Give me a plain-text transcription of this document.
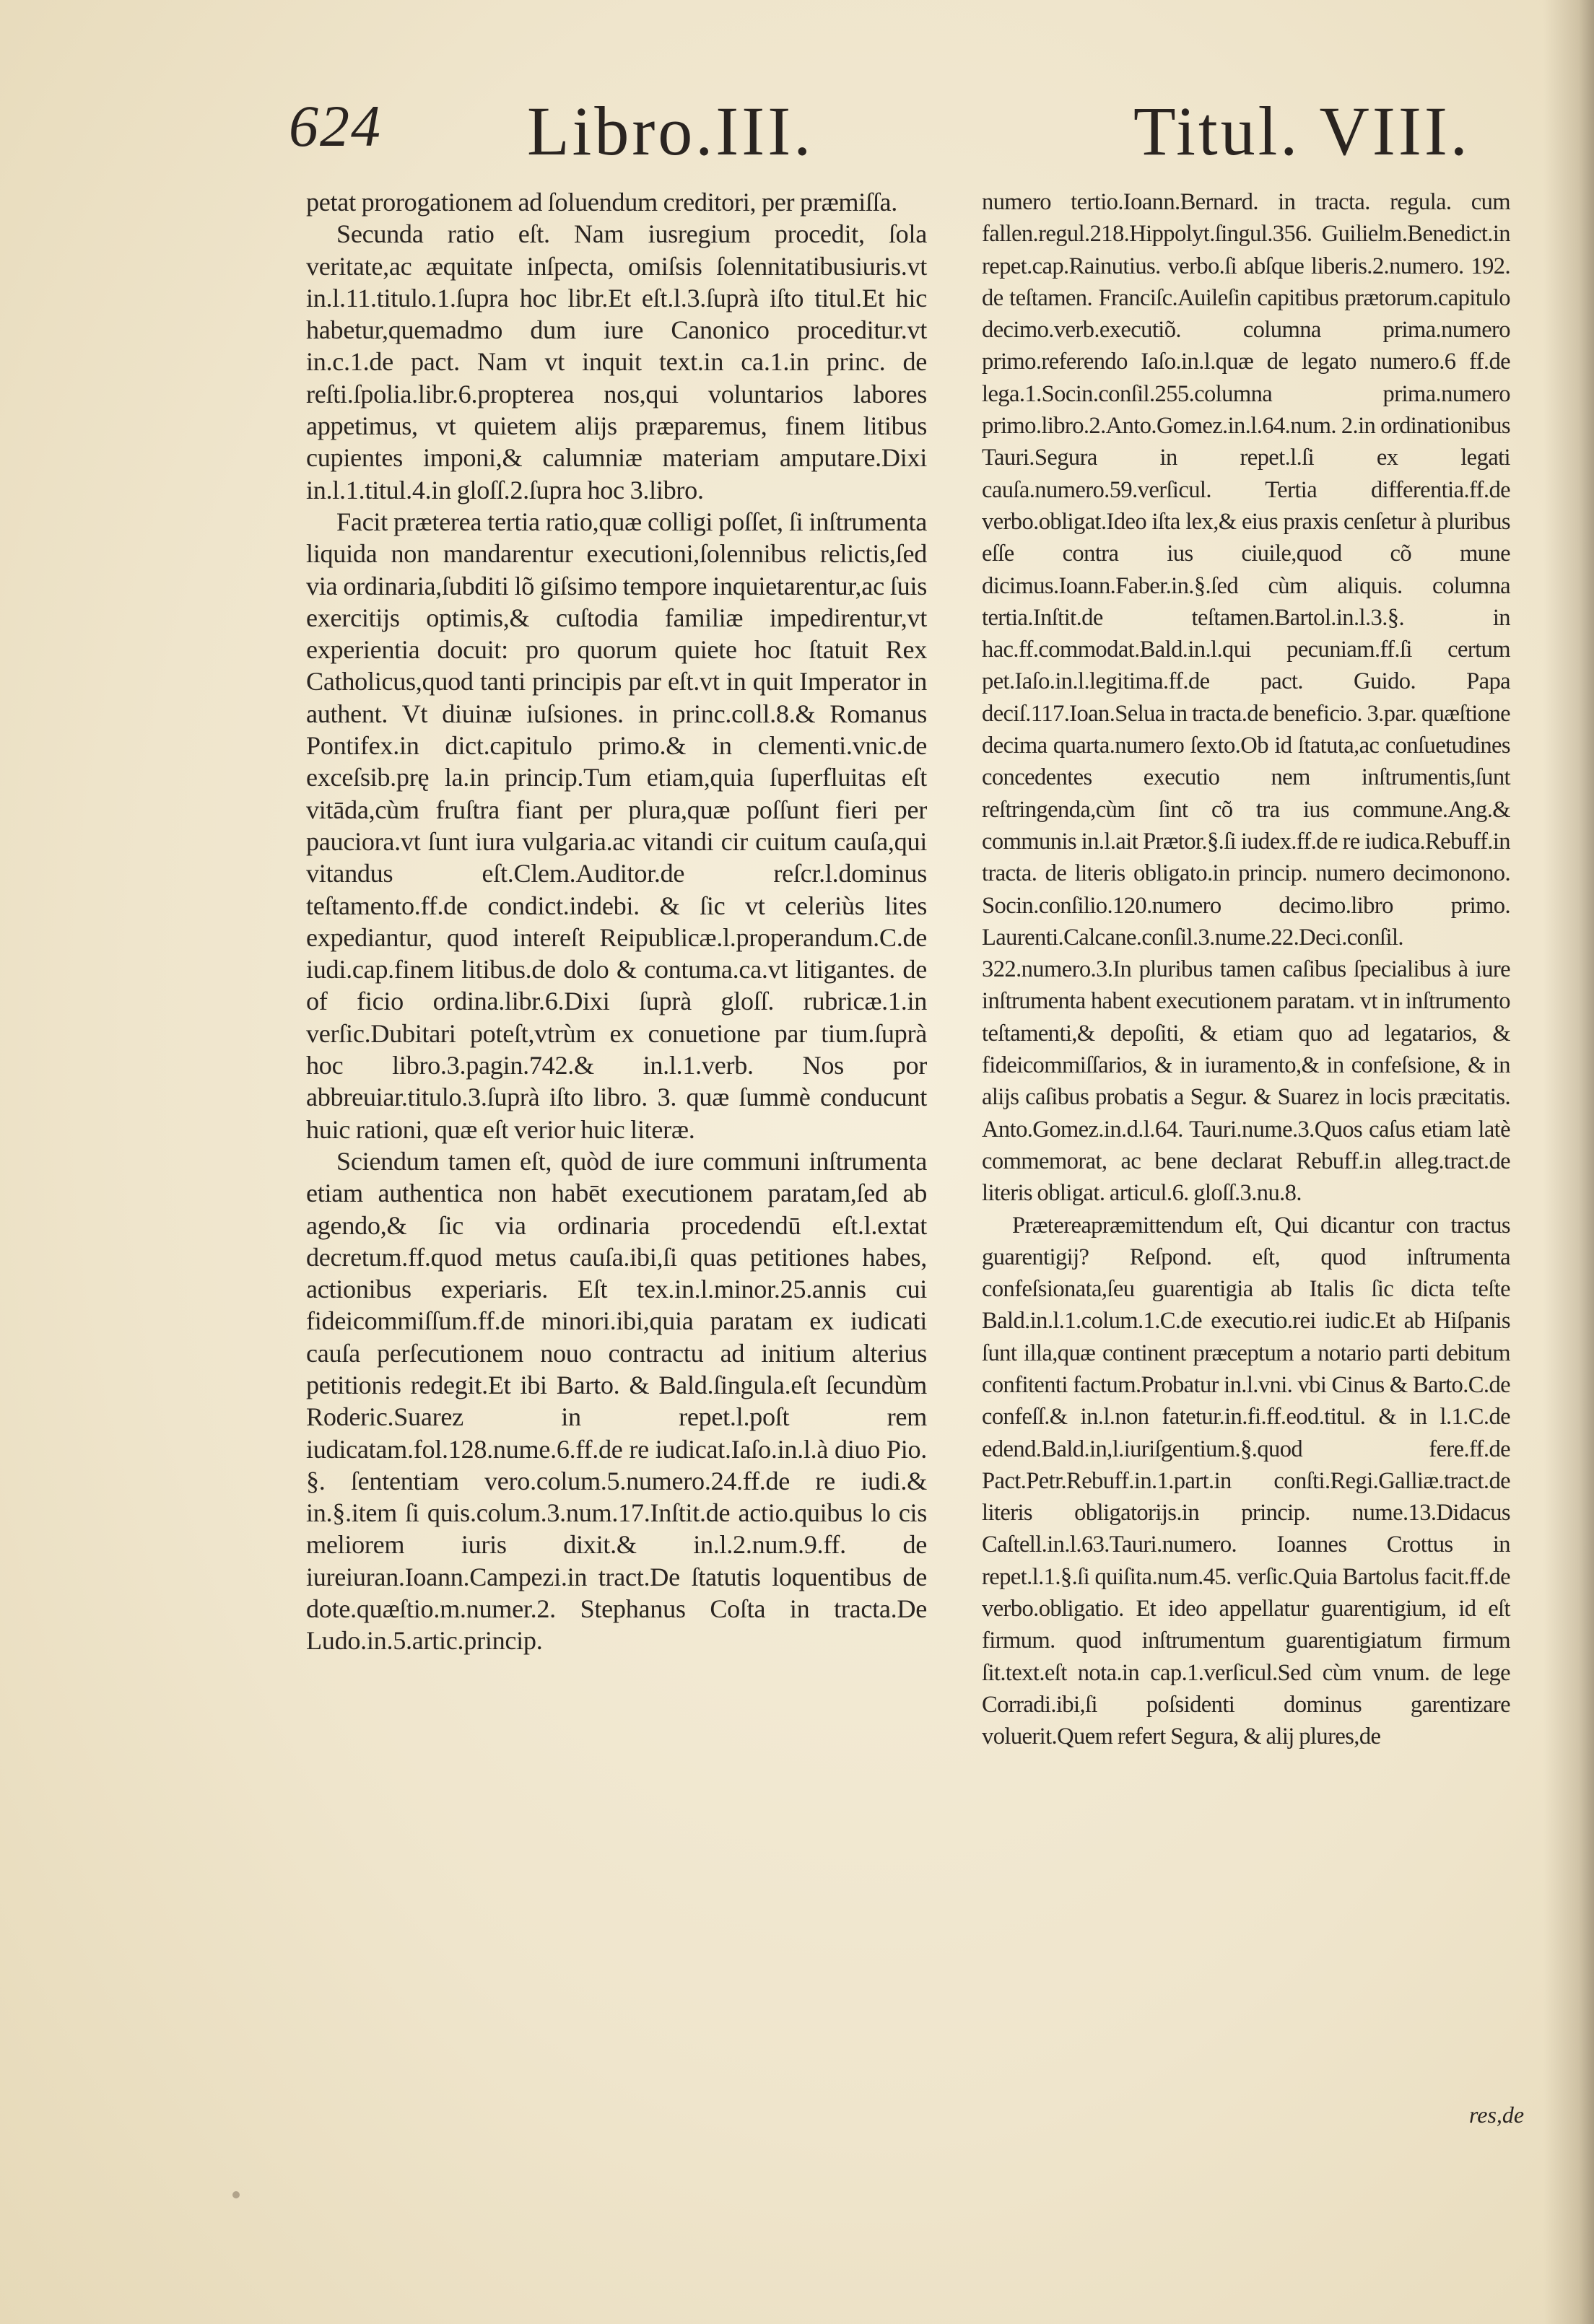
624 Libro.III.	Titul. VIII.

petat prorogationem ad ſoluendum creditori, per præmiſſa.

Secunda ratio eſt. Nam iusregium procedit, ſola veritate,ac æquitate inſpecta, omiſsis ſolennitatibusiuris.vt in.l.11.titulo.1.ſupra hoc libr.Et eſt.l.3.ſuprà iſto titul.Et hic habetur,quemadmo dum iure Canonico proceditur.vt in.c.1.de pact. Nam vt inquit text.in ca.1.in princ. de reſti.ſpolia.libr.6.propterea nos,qui voluntarios labores appetimus, vt quietem alijs præparemus, finem litibus cupientes imponi,& calumniæ materiam amputare.Dixi in.l.1.titul.4.in gloſſ.2.ſupra hoc 3.libro.

Facit præterea tertia ratio,quæ colligi poſſet, ſi inſtrumenta liquida non mandarentur executioni,ſolennibus relictis,ſed via ordinaria,ſubditi lõ giſsimo tempore inquietarentur,ac ſuis exercitijs optimis,& cuſtodia familiæ impedirentur,vt experientia docuit: pro quorum quiete hoc ſtatuit Rex Catholicus,quod tanti principis par eſt.vt in quit Imperator in authent. Vt diuinæ iuſsiones. in princ.coll.8.& Romanus Pontifex.in dict.capitulo primo.& in clementi.vnic.de exceſsib.prę la.in princip.Tum etiam,quia ſuperfluitas eſt vitāda,cùm fruſtra fiant per plura,quæ poſſunt fieri per pauciora.vt ſunt iura vulgaria.ac vitandi cir cuitum cauſa,qui vitandus eſt.Clem.Auditor.de reſcr.l.dominus teſtamento.ff.de condict.indebi. & ſic vt celeriùs lites expediantur, quod intereſt Reipublicæ.l.properandum.C.de iudi.cap.finem litibus.de dolo & contuma.ca.vt litigantes. de of ficio ordina.libr.6.Dixi ſuprà gloſſ. rubricæ.1.in verſic.Dubitari poteſt,vtrùm ex conuetione par tium.ſuprà hoc libro.3.pagin.742.& in.l.1.verb. Nos por abbreuiar.titulo.3.ſuprà iſto libro. 3. quæ ſummè conducunt huic rationi, quæ eſt verior huic literæ.

Sciendum tamen eſt, quòd de iure communi inſtrumenta etiam authentica non habēt executionem paratam,ſed ab agendo,& ſic via ordinaria procedendū eſt.l.extat decretum.ff.quod metus cauſa.ibi,ſi quas petitiones habes, actionibus experiaris. Eſt tex.in.l.minor.25.annis cui fideicommiſſum.ff.de minori.ibi,quia paratam ex iudicati cauſa perſecutionem nouo contractu ad initium alterius petitionis redegit.Et ibi Barto. & Bald.ſingula.eſt ſecundùm Roderic.Suarez in repet.l.poſt rem iudicatam.fol.128.nume.6.ff.de re iudicat.Iaſo.in.l.à diuo Pio. §. ſententiam vero.colum.5.numero.24.ff.de re iudi.& in.§.item ſi quis.colum.3.num.17.Inſtit.de actio.quibus lo cis meliorem iuris dixit.& in.l.2.num.9.ff. de iureiuran.Ioann.Campezi.in tract.De ſtatutis loquentibus de dote.quæſtio.m.numer.2. Stephanus Coſta in tracta.De Ludo.in.5.artic.princip.

numero tertio.Ioann.Bernard. in tracta. regula. cum fallen.regul.218.Hippolyt.ſingul.356. Guilielm.Benedict.in repet.cap.Rainutius. verbo.ſi abſque liberis.2.numero. 192. de teſtamen. Franciſc.Auileſin capitibus prætorum.capitulo decimo.verb.executiõ. columna prima.numero primo.referendo Iaſo.in.l.quæ de legato numero.6 ff.de lega.1.Socin.conſil.255.columna prima.numero primo.libro.2.Anto.Gomez.in.l.64.num. 2.in ordinationibus Tauri.Segura in repet.l.ſi ex legati cauſa.numero.59.verſicul. Tertia differentia.ff.de verbo.obligat.Ideo iſta lex,& eius praxis cenſetur à pluribus eſſe contra ius ciuile,quod cõ mune dicimus.Ioann.Faber.in.§.ſed cùm aliquis. columna tertia.Inſtit.de teſtamen.Bartol.in.l.3.§. in hac.ff.commodat.Bald.in.l.qui pecuniam.ff.ſi certum pet.Iaſo.in.l.legitima.ff.de pact. Guido. Papa deciſ.117.Ioan.Selua in tracta.de beneficio. 3.par. quæſtione decima quarta.numero ſexto.Ob id ſtatuta,ac conſuetudines concedentes executio nem inſtrumentis,ſunt reſtringenda,cùm ſint cõ tra ius commune.Ang.& communis in.l.ait Prætor.§.ſi iudex.ff.de re iudica.Rebuff.in tracta. de literis obligato.in princip. numero decimonono. Socin.conſilio.120.numero decimo.libro primo. Laurenti.Calcane.conſil.3.nume.22.Deci.conſil. 322.numero.3.In pluribus tamen caſibus ſpecialibus à iure inſtrumenta habent executionem paratam. vt in inſtrumento teſtamenti,& depoſiti, & etiam quo ad legatarios, & fideicommiſſarios, & in iuramento,& in confeſsione, & in alijs caſibus probatis a Segur. & Suarez in locis præcitatis. Anto.Gomez.in.d.l.64. Tauri.nume.3.Quos caſus etiam latè commemorat, ac bene declarat Rebuff.in alleg.tract.de literis obligat. articul.6. gloſſ.3.nu.8.

Prætereapræmittendum eſt, Qui dicantur con tractus guarentigij? Reſpond. eſt, quod inſtrumenta confeſsionata,ſeu guarentigia ab Italis ſic dicta teſte Bald.in.l.1.colum.1.C.de executio.rei iudic.Et ab Hiſpanis ſunt illa,quæ continent præceptum a notario parti debitum confitenti factum.Probatur in.l.vni. vbi Cinus & Barto.C.de confeſſ.& in.l.non fatetur.in.fi.ff.eod.titul. & in l.1.C.de edend.Bald.in,l.iuriſgentium.§.quod fere.ff.de Pact.Petr.Rebuff.in.1.part.in conſti.Regi.Galliæ.tract.de literis obligatorijs.in princip. nume.13.Didacus Caſtell.in.l.63.Tauri.numero. Ioannes Crottus in repet.l.1.§.ſi quiſita.num.45. verſic.Quia Bartolus facit.ff.de verbo.obligatio. Et ideo appellatur guarentigium, id eſt firmum. quod inſtrumentum guarentigiatum firmum ſit.text.eſt nota.in cap.1.verſicul.Sed cùm vnum. de lege Corradi.ibi,ſi poſsidenti dominus garentizare voluerit.Quem refert Segura, & alij plures,de

res,de
